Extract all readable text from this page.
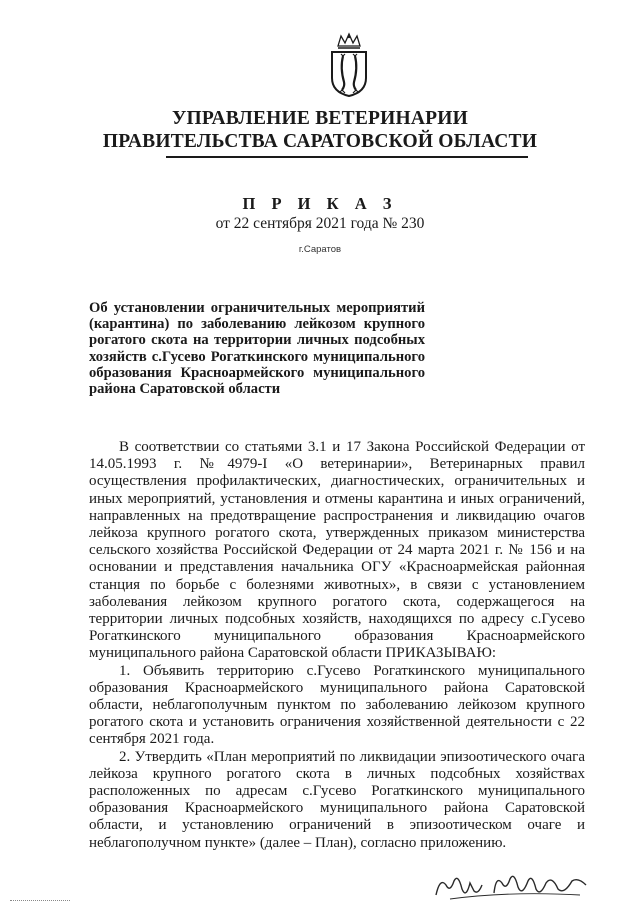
УПРАВЛЕНИЕ ВЕТЕРИНАРИИ
ПРАВИТЕЛЬСТВА САРАТОВСКОЙ ОБЛАСТИ
П Р И К А З
от 22 сентября 2021 года № 230
г.Саратов
Об установлении ограничительных мероприятий (карантина) по заболеванию лейкозом крупного рогатого скота на территории личных подсобных хозяйств с.Гусево Рогаткинского муниципального образования Красноармейского муниципального района Саратовской области

В соответствии со статьями 3.1 и 17 Закона Российской Федерации от 14.05.1993 г. №4979-I «О ветеринарии», Ветеринарных правил осуществления профилактических, диагностических, ограничительных и иных мероприятий, установления и отмены карантина и иных ограничений, направленных на предотвращение распространения и ликвидацию очагов лейкоза крупного рогатого скота, утвержденных приказом министерства сельского хозяйства Российской Федерации от 24 марта 2021 г. № 156 и на основании и представления начальника ОГУ «Красноармейская районная станция по борьбе с болезнями животных», в связи с установлением заболевания лейкозом крупного рогатого скота, содержащегося на территории личных подсобных хозяйств, находящихся по адресу с.Гусево Рогаткинского муниципального образования Красноармейского муниципального района Саратовской области ПРИКАЗЫВАЮ:

1. Объявить территорию с.Гусево Рогаткинского муниципального образования Красноармейского муниципального района Саратовской области, неблагополучным пунктом по заболеванию лейкозом крупного рогатого скота и установить ограничения хозяйственной деятельности с 22 сентября 2021 года.

2. Утвердить «План мероприятий по ликвидации эпизоотического очага лейкоза крупного рогатого скота в личных подсобных хозяйствах расположенных по адресам с.Гусево Рогаткинского муниципального образования Красноармейского муниципального района Саратовской области, и установлению ограничений в эпизоотическом очаге и неблагополучном пункте» (далее – План), согласно приложению.
